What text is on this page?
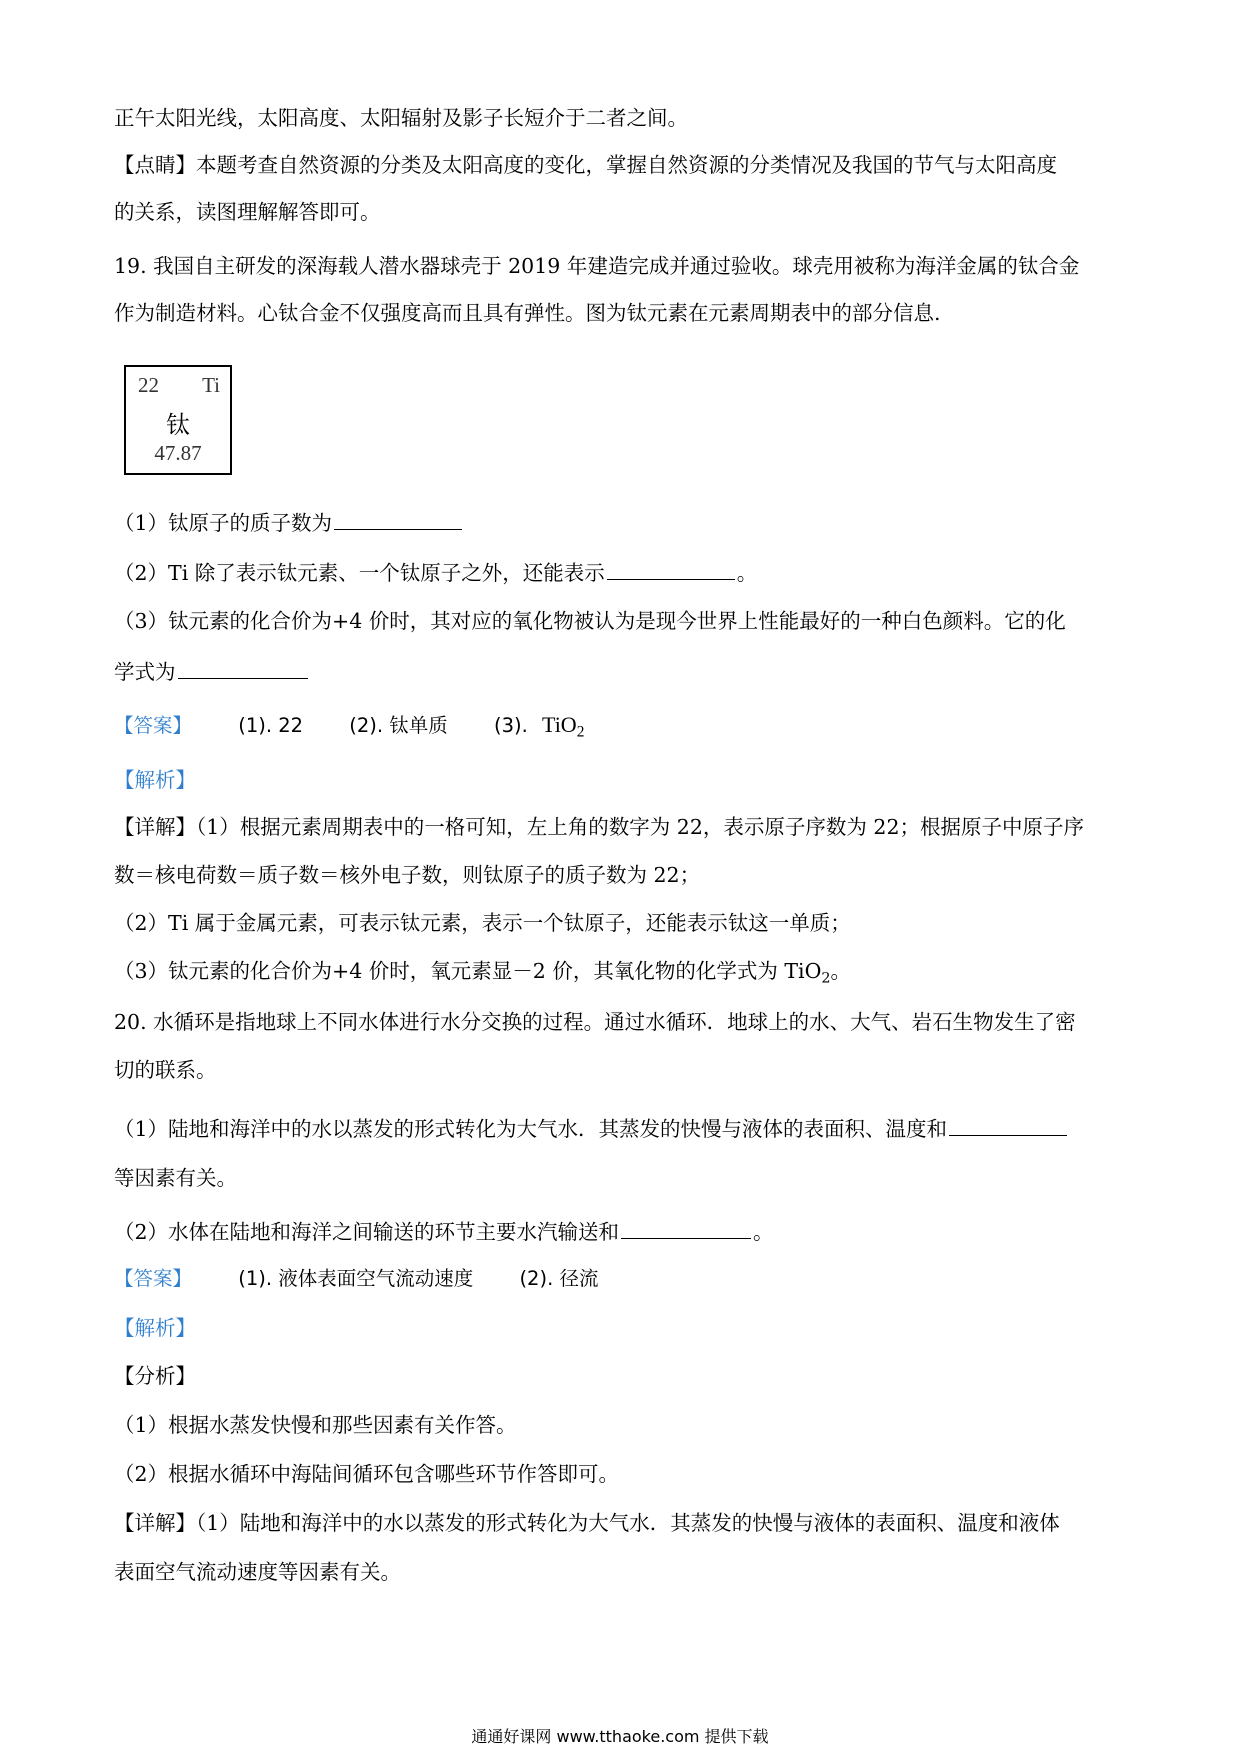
正午太阳光线，太阳高度、太阳辐射及影子长短介于二者之间。
【点睛】本题考查自然资源的分类及太阳高度的变化，掌握自然资源的分类情况及我国的节气与太阳高度
的关系，读图理解解答即可。
19. 我国自主研发的深海载人潜水器球壳于 2019 年建造完成并通过验收。球壳用被称为海洋金属的钛合金
作为制造材料。心钛合金不仅强度高而且具有弹性。图为钛元素在元素周期表中的部分信息.
22 Ti
钛
47.87
（1）钛原子的质子数为
（2）Ti 除了表示钛元素、一个钛原子之外，还能表示	。
（3）钛元素的化合价为+4 价时，其对应的氧化物被认为是现今世界上性能最好的一种白色颜料。它的化
学式为
【答案】 (1). 22 (2). 钛单质 (3). TiO$_2$
【解析】
【详解】（1）根据元素周期表中的一格可知，左上角的数字为 22，表示原子序数为 22；根据原子中原子序
数＝核电荷数＝质子数＝核外电子数，则钛原子的质子数为 22；
（2）Ti 属于金属元素，可表示钛元素，表示一个钛原子，还能表示钛这一单质；
（3）钛元素的化合价为+4 价时，氧元素显－2 价，其氧化物的化学式为 TiO$_2$。
20. 水循环是指地球上不同水体进行水分交换的过程。通过水循环．地球上的水、大气、岩石生物发生了密
切的联系。
（1）陆地和海洋中的水以蒸发的形式转化为大气水．其蒸发的快慢与液体的表面积、温度和
等因素有关。
（2）水体在陆地和海洋之间输送的环节主要水汽输送和	。
【答案】 (1). 液体表面空气流动速度 (2). 径流
【解析】
【分析】
（1）根据水蒸发快慢和那些因素有关作答。
（2）根据水循环中海陆间循环包含哪些环节作答即可。
【详解】（1）陆地和海洋中的水以蒸发的形式转化为大气水．其蒸发的快慢与液体的表面积、温度和液体
表面空气流动速度等因素有关。
通通好课网 www.tthaoke.com 提供下载
